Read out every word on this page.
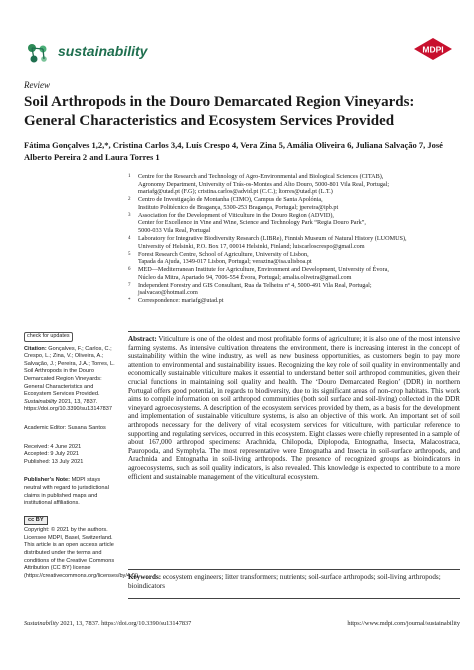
sustainability	MDPI
Review
Soil Arthropods in the Douro Demarcated Region Vineyards: General Characteristics and Ecosystem Services Provided
Fátima Gonçalves 1,2,*, Cristina Carlos 3,4, Luís Crespo 4, Vera Zina 5, Amália Oliveira 6, Juliana Salvação 7, José Alberto Pereira 2 and Laura Torres 1
1	Centre for the Research and Technology of Agro-Environmental and Biological Sciences (CITAB),
Agronomy Department, University of Trás-os-Montes and Alto Douro, 5000-801 Vila Real, Portugal;
mariafg@utad.pt (F.G); cristina.carlos@advid.pt (C.C.); ltorres@utad.pt (L.T.)
2	Centro de Investigação de Montanha (CIMO), Campus de Santa Apolónia,
Instituto Politécnico de Bragança, 5300-253 Bragança, Portugal; jpereira@ipb.pt
3	Association for the Development of Viticulture in the Douro Region (ADVID),
Center for Excellence in Vine and Wine, Science and Technology Park “Regia Douro Park”,
5000-033 Vila Real, Portugal
4	Laboratory for Integrative Biodiversity Research (LIBRe), Finnish Museum of Natural History (LUOMUS),
University of Helsinki, P.O. Box 17, 00014 Helsinki, Finland; luiscarloscrespo@gmail.com
5	Forest Research Centre, School of Agriculture, University of Lisbon,
Tapada da Ajuda, 1349-017 Lisbon, Portugal; verazina@isa.ulisboa.pt
6	MED—Mediterranean Institute for Agriculture, Environment and Development, University of Évora,
Núcleo da Mitra, Apartado 94, 7006-554 Évora, Portugal; amalia.oliveira@gmail.com
7	Independent Forestry and GIS Consultant, Rua da Telheira nº 4, 5000-491 Vila Real, Portugal;
jsalvacao@hotmail.com
*	Correspondence: mariafg@utad.pt
check for updates

Citation: Gonçalves, F.; Carlos, C.; Crespo, L.; Zina, V.; Oliveira, A.; Salvação, J.; Pereira, J.A.; Torres, L. Soil Arthropods in the Douro Demarcated Region Vineyards: General Characteristics and Ecosystem Services Provided. Sustainability 2021, 13, 7837. https://doi.org/10.3390/su13147837

Academic Editor: Susana Santos
Received: 4 June 2021
Accepted: 9 July 2021
Published: 13 July 2021
Publisher’s Note: MDPI stays neutral with regard to jurisdictional claims in published maps and institutional affiliations.
cc BY
Copyright: © 2021 by the authors. Licensee MDPI, Basel, Switzerland. This article is an open access article distributed under the terms and conditions of the Creative Commons Attribution (CC BY) license (https://creativecommons.org/licenses/by/4.0/).
Abstract: Viticulture is one of the oldest and most profitable forms of agriculture; it is also one of the most intensive farming systems. As intensive cultivation threatens the environment, there is increasing interest in the concept of sustainability within the wine industry, as well as new business opportunities, as customers begin to pay more attention to environmental and sustainability issues. Recognizing the key role of soil quality in environmentally and economically sustainable viticulture makes it essential to understand better soil arthropod communities, given their crucial functions in maintaining soil quality and health. The ‘Douro Demarcated Region’ (DDR) in northern Portugal offers good potential, in regards to biodiversity, due to its significant areas of non-crop habitats. This work aims to compile information on soil arthropod communities (both soil surface and soil-living) collected in the DDR vineyard agroecosystems. A description of the ecosystem services provided by them, as a basis for the development and implementation of sustainable viticulture systems, is also an objective of this work. An important set of soil arthropods necessary for the delivery of vital ecosystem services for viticulture, with particular reference to supporting and regulating services, occurred in this ecosystem. Eight classes were chiefly represented in a sample of about 167,000 arthropod specimens: Arachnida, Chilopoda, Diplopoda, Entognatha, Insecta, Malacostraca, Pauropoda, and Symphyla. The most representative were Entognatha and Insecta in soil-surface arthropods, and Arachnida and Entognatha in soil-living arthropods. The presence of recognized groups as bioindicators in agroecosystems, such as soil quality indicators, is also revealed. This knowledge is expected to contribute to a more efficient and sustainable management of the viticultural ecosystem.
Keywords: ecosystem engineers; litter transformers; nutrients; soil-surface arthropods; soil-living arthropods; bioindicators
Sustainability 2021, 13, 7837. https://doi.org/10.3390/su13147837	https://www.mdpi.com/journal/sustainability
